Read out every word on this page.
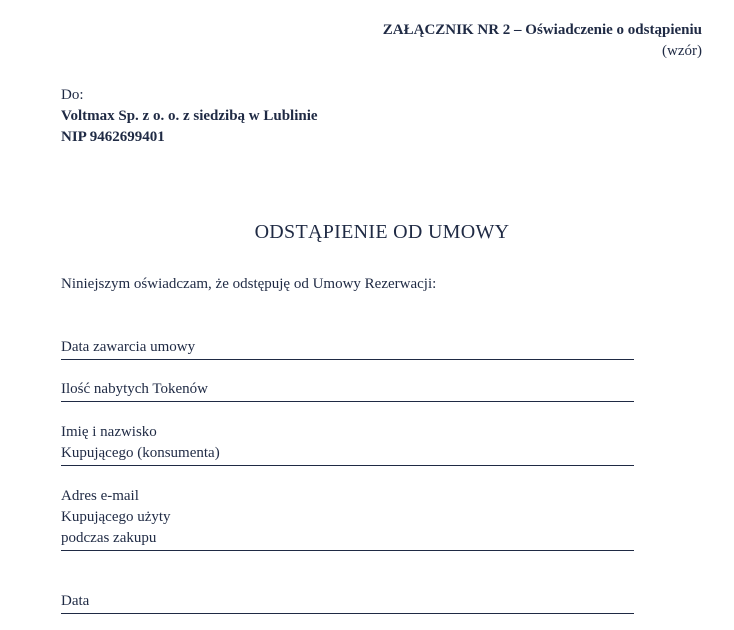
ZAŁĄCZNIK NR 2 – Oświadczenie o odstąpieniu
(wzór)
Do:
Voltmax Sp. z o. o. z siedzibą w Lublinie
NIP 9462699401
ODSTĄPIENIE OD UMOWY
Niniejszym oświadczam, że odstępuję od Umowy Rezerwacji:
Data zawarcia umowy
Ilość nabytych Tokenów
Imię i nazwisko
Kupującego (konsumenta)
Adres e-mail
Kupującego użyty
podczas zakupu
Data
